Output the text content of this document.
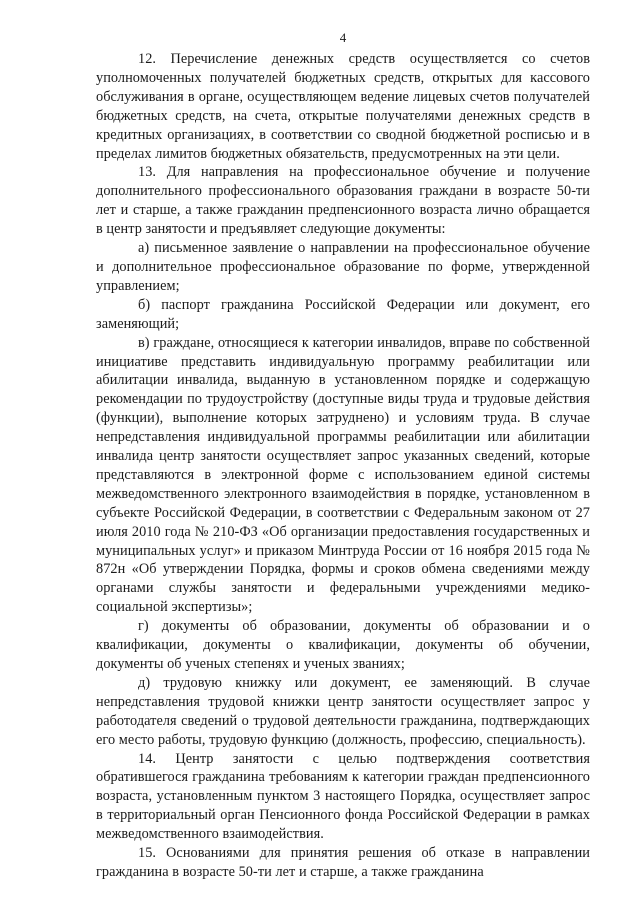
4

12. Перечисление денежных средств осуществляется со счетов уполномоченных получателей бюджетных средств, открытых для кассового обслуживания в органе, осуществляющем ведение лицевых счетов получателей бюджетных средств, на счета, открытые получателями денежных средств в кредитных организациях, в соответствии со сводной бюджетной росписью и в пределах лимитов бюджетных обязательств, предусмотренных на эти цели.

13. Для направления на профессиональное обучение и получение дополнительного профессионального образования граждани в возрасте 50-ти лет и старше, а также гражданин предпенсионного возраста лично обращается в центр занятости и предъявляет следующие документы:

а) письменное заявление о направлении на профессиональное обучение и дополнительное профессиональное образование по форме, утвержденной управлением;

б) паспорт гражданина Российской Федерации или документ, его заменяющий;

в) граждане, относящиеся к категории инвалидов, вправе по собственной инициативе представить индивидуальную программу реабилитации или абилитации инвалида, выданную в установленном порядке и содержащую рекомендации по трудоустройству (доступные виды труда и трудовые действия (функции), выполнение которых затруднено) и условиям труда. В случае непредставления индивидуальной программы реабилитации или абилитации инвалида центр занятости осуществляет запрос указанных сведений, которые представляются в электронной форме с использованием единой системы межведомственного электронного взаимодействия в порядке, установленном в субъекте Российской Федерации, в соответствии с Федеральным законом от 27 июля 2010 года № 210-ФЗ «Об организации предоставления государственных и муниципальных услуг» и приказом Минтруда России от 16 ноября 2015 года № 872н «Об утверждении Порядка, формы и сроков обмена сведениями между органами службы занятости и федеральными учреждениями медико-социальной экспертизы»;

г) документы об образовании, документы об образовании и о квалификации, документы о квалификации, документы об обучении, документы об ученых степенях и ученых званиях;

д) трудовую книжку или документ, ее заменяющий. В случае непредставления трудовой книжки центр занятости осуществляет запрос у работодателя сведений о трудовой деятельности гражданина, подтверждающих его место работы, трудовую функцию (должность, профессию, специальность).

14. Центр занятости с целью подтверждения соответствия обратившегося гражданина требованиям к категории граждан предпенсионного возраста, установленным пунктом 3 настоящего Порядка, осуществляет запрос в территориальный орган Пенсионного фонда Российской Федерации в рамках межведомственного взаимодействия.

15. Основаниями для принятия решения об отказе в направлении гражданина в возрасте 50-ти лет и старше, а также гражданина
